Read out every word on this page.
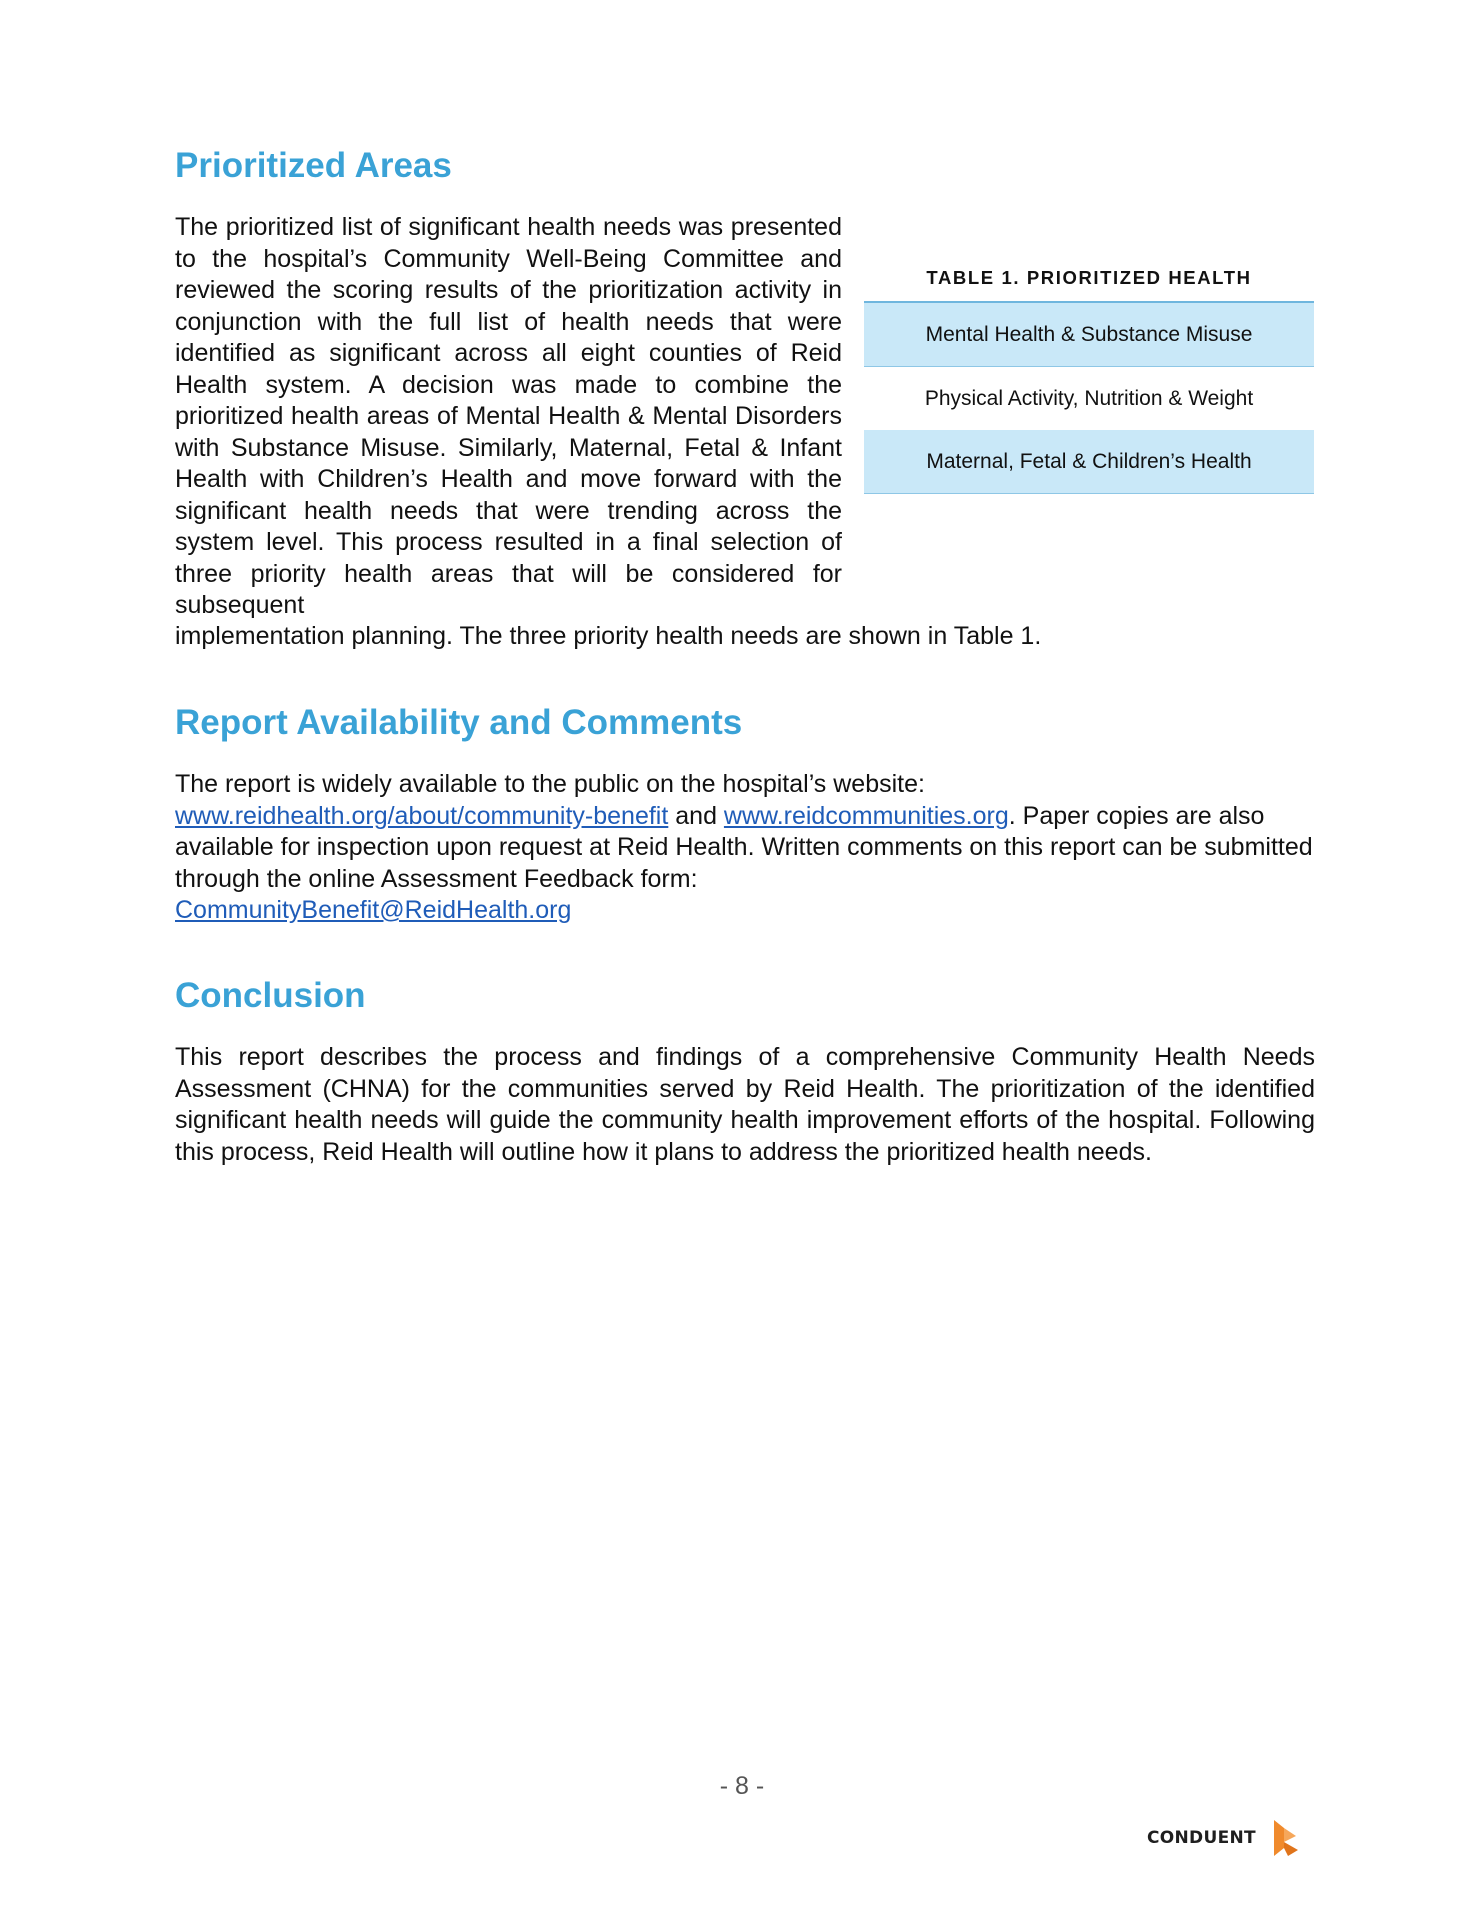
Prioritized Areas

The prioritized list of significant health needs was presented to the hospital’s Community Well-Being Committee and reviewed the scoring results of the prioritization activity in conjunction with the full list of health needs that were identified as significant across all eight counties of Reid Health system. A decision was made to combine the prioritized health areas of Mental Health & Mental Disorders with Substance Misuse. Similarly, Maternal, Fetal & Infant Health with Children’s Health and move forward with the significant health needs that were trending across the system level. This process resulted in a final selection of three priority health areas that will be considered for subsequent

implementation planning. The three priority health needs are shown in Table 1.
TABLE 1. PRIORITIZED HEALTH
Mental Health & Substance Misuse
Physical Activity, Nutrition & Weight
Maternal, Fetal & Children’s Health
Report Availability and Comments

The report is widely available to the public on the hospital’s website:
www.reidhealth.org/about/community-benefit and www.reidcommunities.org. Paper copies are also available for inspection upon request at Reid Health. Written comments on this report can be submitted through the online Assessment Feedback form:
CommunityBenefit@ReidHealth.org

Conclusion

This report describes the process and findings of a comprehensive Community Health Needs Assessment (CHNA) for the communities served by Reid Health. The prioritization of the identified significant health needs will guide the community health improvement efforts of the hospital. Following this process, Reid Health will outline how it plans to address the prioritized health needs.

- 8 -
CONDUENT
